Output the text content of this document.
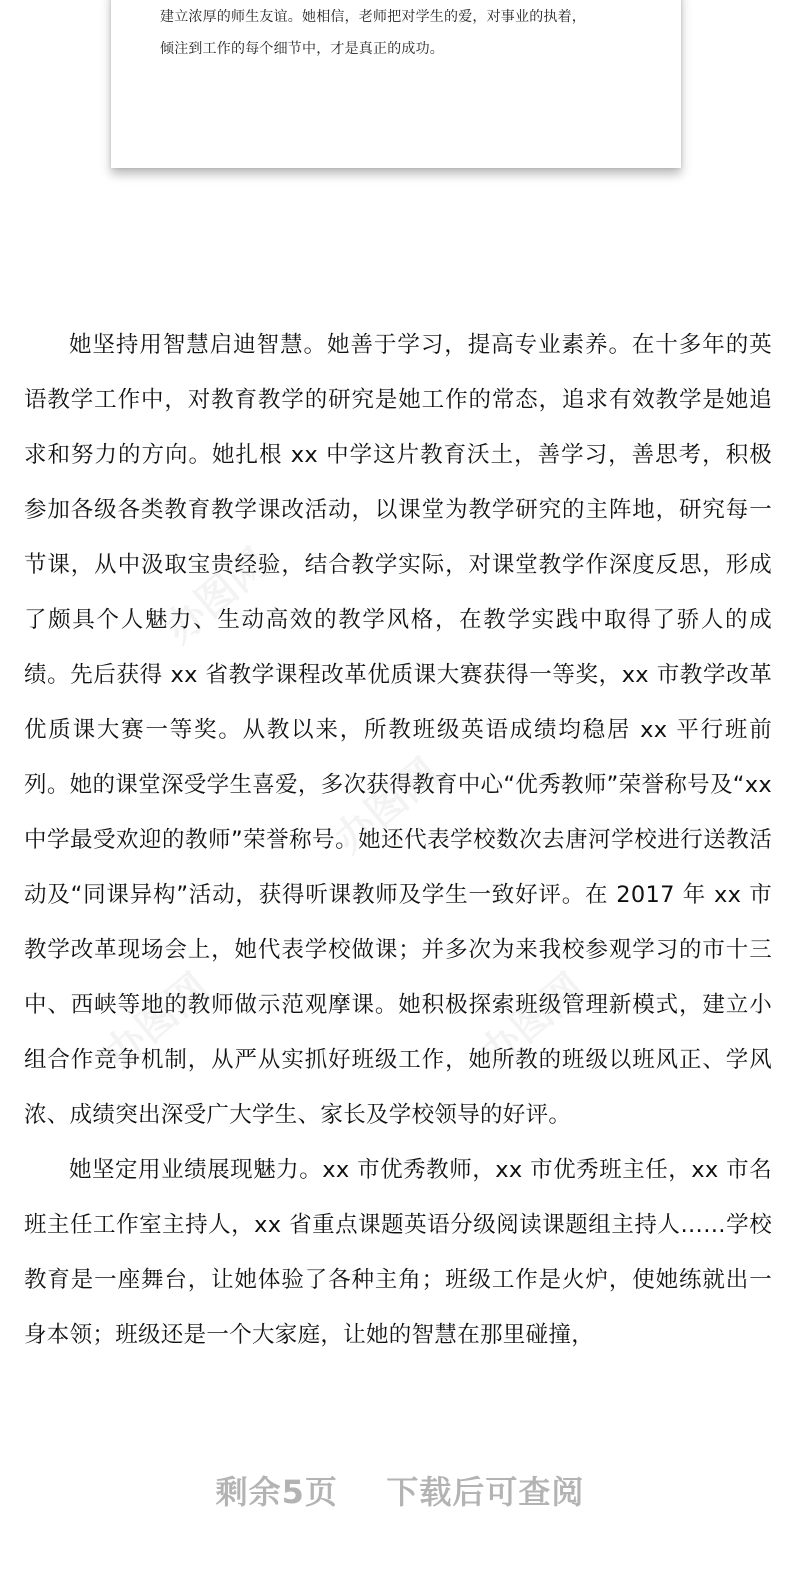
建立浓厚的师生友谊。她相信，老师把对学生的爱，对事业的执着，
倾注到工作的每个细节中，才是真正的成功。
办图网
办图网
办图网
办图网

她坚持用智慧启迪智慧。她善于学习，提高专业素养。在十多年的英语教学工作中，对教育教学的研究是她工作的常态，追求有效教学是她追求和努力的方向。她扎根 xx 中学这片教育沃土，善学习，善思考，积极参加各级各类教育教学课改活动，以课堂为教学研究的主阵地，研究每一节课，从中汲取宝贵经验，结合教学实际，对课堂教学作深度反思，形成了颇具个人魅力、生动高效的教学风格，在教学实践中取得了骄人的成绩。先后获得 xx 省教学课程改革优质课大赛获得一等奖，xx 市教学改革优质课大赛一等奖。从教以来，所教班级英语成绩均稳居 xx 平行班前列。她的课堂深受学生喜爱，多次获得教育中心“优秀教师”荣誉称号及“xx 中学最受欢迎的教师”荣誉称号。她还代表学校数次去唐河学校进行送教活动及“同课异构”活动，获得听课教师及学生一致好评。在 2017 年 xx 市教学改革现场会上，她代表学校做课；并多次为来我校参观学习的市十三中、西峡等地的教师做示范观摩课。她积极探索班级管理新模式，建立小组合作竞争机制，从严从实抓好班级工作，她所教的班级以班风正、学风浓、成绩突出深受广大学生、家长及学校领导的好评。

她坚定用业绩展现魅力。xx 市优秀教师，xx 市优秀班主任，xx 市名班主任工作室主持人，xx 省重点课题英语分级阅读课题组主持人……学校教育是一座舞台，让她体验了各种主角；班级工作是火炉，使她练就出一身本领；班级还是一个大家庭，让她的智慧在那里碰撞，

剩余5页    下载后可查阅
